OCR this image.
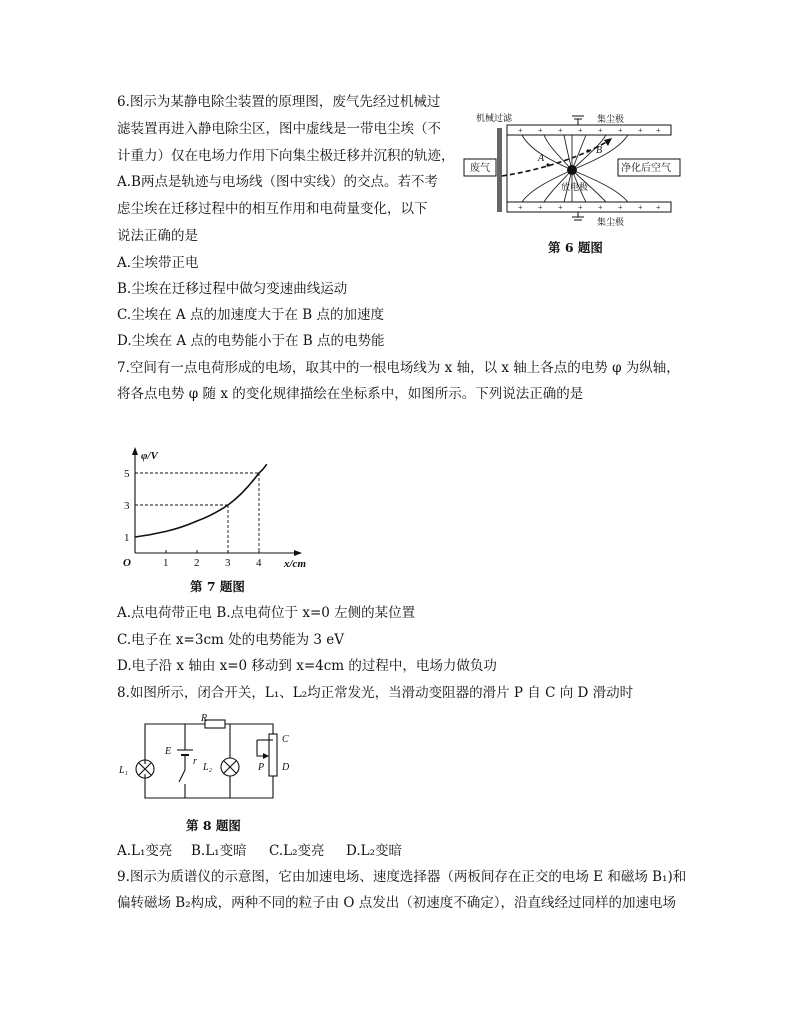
6.图示为某静电除尘装置的原理图，废气先经过机械过
滤装置再进入静电除尘区，图中虚线是一带电尘埃（不
计重力）仅在电场力作用下向集尘极迁移并沉积的轨迹，
A.B两点是轨迹与电场线（图中实线）的交点。若不考
虑尘埃在迁移过程中的相互作用和电荷量变化，以下
说法正确的是
A.尘埃带正电
B.尘埃在迁移过程中做匀变速曲线运动
C.尘埃在 A 点的加速度大于在 B 点的加速度
D.尘埃在 A 点的电势能小于在 B 点的电势能
+ + + + + + + +
+ + + + + + + +
A
B
机械过滤	集尘极
集尘极
放电极
废气	净化后空气
第 6 题图
7.空间有一点电荷形成的电场，取其中的一根电场线为 x 轴，以 x 轴上各点的电势 φ 为纵轴，
将各点电势 φ 随 x 的变化规律描绘在坐标系中，如图所示。下列说法正确的是
1 2 3 4
1
3
5
O
φ/V
x/cm
第 7 题图
A.点电荷带正电 B.点电荷位于 x=0 左侧的某位置
C.电子在 x=3cm 处的电势能为 3 eV
D.电子沿 x 轴由 x=0 移动到 x=4cm 的过程中，电场力做负功
8.如图所示，闭合开关，L₁、L₂均正常发光，当滑动变阻器的滑片 P 自 C 向 D 滑动时
R
E
r
L₁	L₂	P
C
D
第 8 题图
A.L₁变亮 B.L₁变暗 C.L₂变亮 D.L₂变暗
9.图示为质谱仪的示意图，它由加速电场、速度选择器（两板间存在正交的电场 E 和磁场 B₁)和
偏转磁场 B₂构成，两种不同的粒子由 O 点发出（初速度不确定），沿直线经过同样的加速电场
